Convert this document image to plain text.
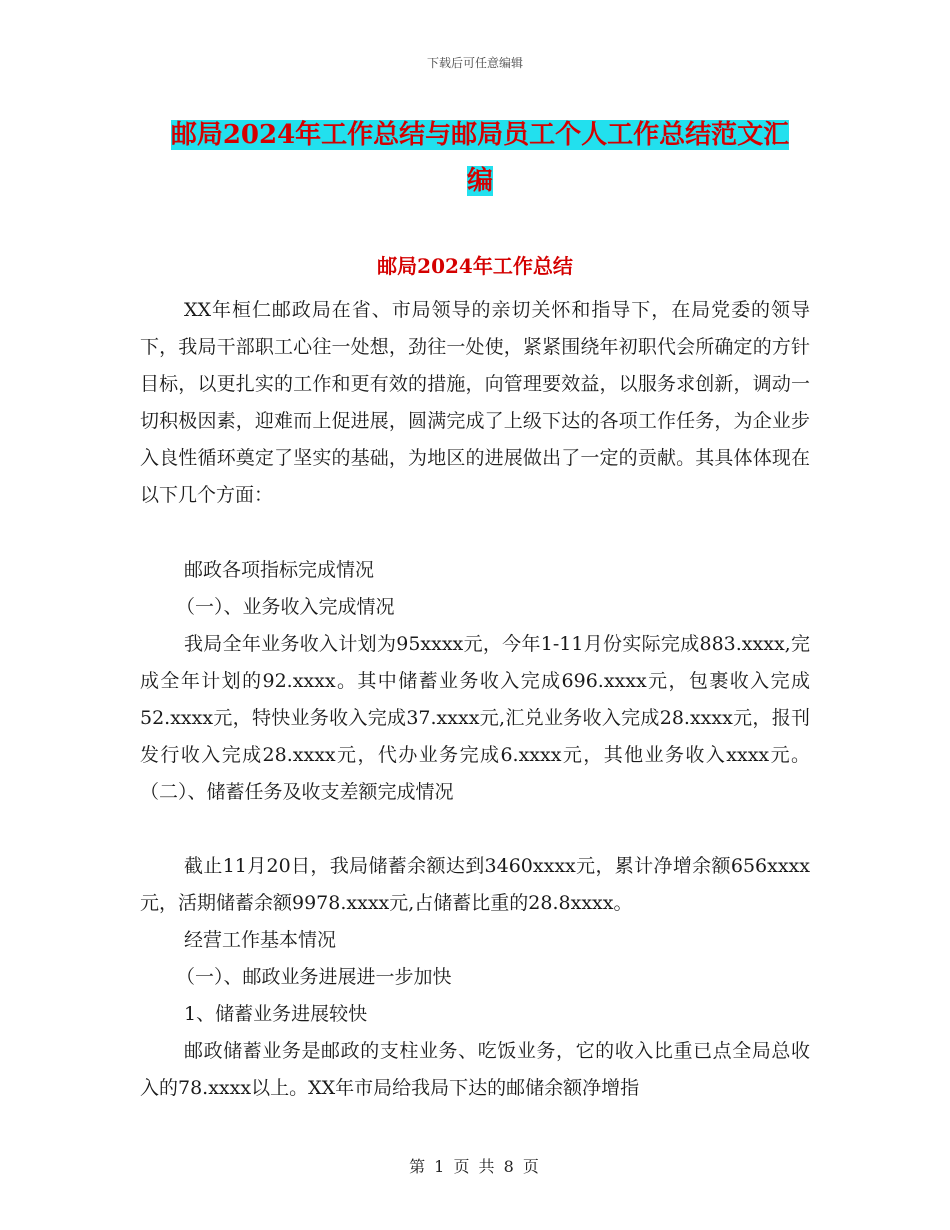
下载后可任意编辑
邮局2024年工作总结与邮局员工个人工作总结范文汇
编
邮局2024年工作总结
XX年桓仁邮政局在省、市局领导的亲切关怀和指导下，在局党委的领导下，我局干部职工心往一处想，劲往一处使，紧紧围绕年初职代会所确定的方针目标，以更扎实的工作和更有效的措施，向管理要效益，以服务求创新，调动一切积极因素，迎难而上促进展，圆满完成了上级下达的各项工作任务，为企业步入良性循环奠定了坚实的基础，为地区的进展做出了一定的贡献。其具体体现在以下几个方面：
邮政各项指标完成情况
（一）、业务收入完成情况
我局全年业务收入计划为95xxxx元，今年1-11月份实际完成883.xxxx,完成全年计划的92.xxxx。其中储蓄业务收入完成696.xxxx元，包裹收入完成52.xxxx元，特快业务收入完成37.xxxx元,汇兑业务收入完成28.xxxx元，报刊发行收入完成28.xxxx元，代办业务完成6.xxxx元，其他业务收入xxxx元。 （二）、储蓄任务及收支差额完成情况
截止11月20日，我局储蓄余额达到3460xxxx元，累计净增余额656xxxx元，活期储蓄余额9978.xxxx元,占储蓄比重的28.8xxxx。
经营工作基本情况
（一）、邮政业务进展进一步加快
1、储蓄业务进展较快
邮政储蓄业务是邮政的支柱业务、吃饭业务，它的收入比重已点全局总收入的78.xxxx以上。XX年市局给我局下达的邮储余额净增指
第 1 页 共 8 页
